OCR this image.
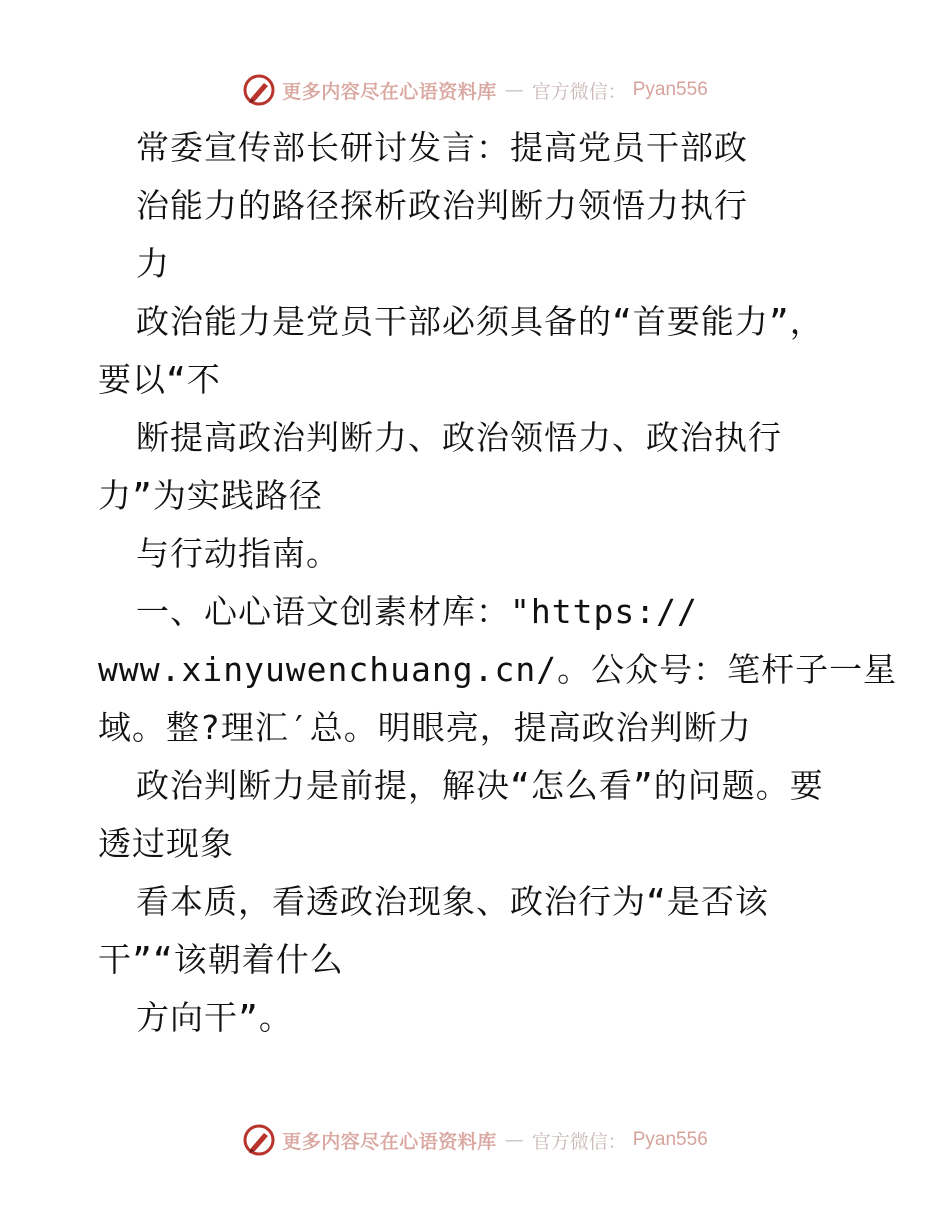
更多内容尽在心语资料库 — 官方微信： Pyan556
常委宣传部长研讨发言：提高党员干部政
治能力的路径探析政治判断力领悟力执行
力
政治能力是党员干部必须具备的“首要能力”，
要以“不
断提高政治判断力、政治领悟力、政治执行
力”为实践路径
与行动指南。
一、心心语文创素材库："https://
www.xinyuwenchuang.cn/。公众号：笔杆子一星
域。整?理汇′总。明眼亮，提高政治判断力
政治判断力是前提，解决“怎么看”的问题。要
透过现象
看本质，看透政治现象、政治行为“是否该
干”“该朝着什么
方向干”。
更多内容尽在心语资料库 — 官方微信： Pyan556
